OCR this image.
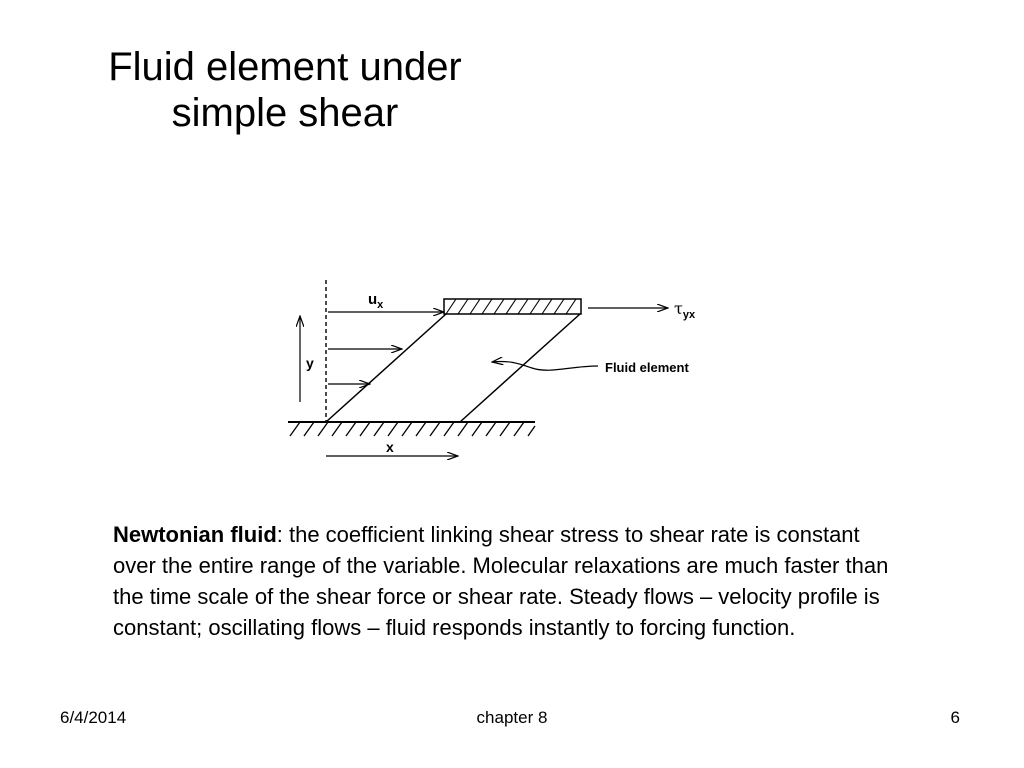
Fluid element under
simple shear
$u_x$	$\tau_{yx}$
y
x
Fluid element
Newtonian fluid: the coefficient linking shear stress to shear rate is constant over the entire range of the variable. Molecular relaxations are much faster than the time scale of the shear force or shear rate. Steady flows – velocity profile is constant; oscillating flows – fluid responds instantly to forcing function.
6/4/2014	chapter 8	6
